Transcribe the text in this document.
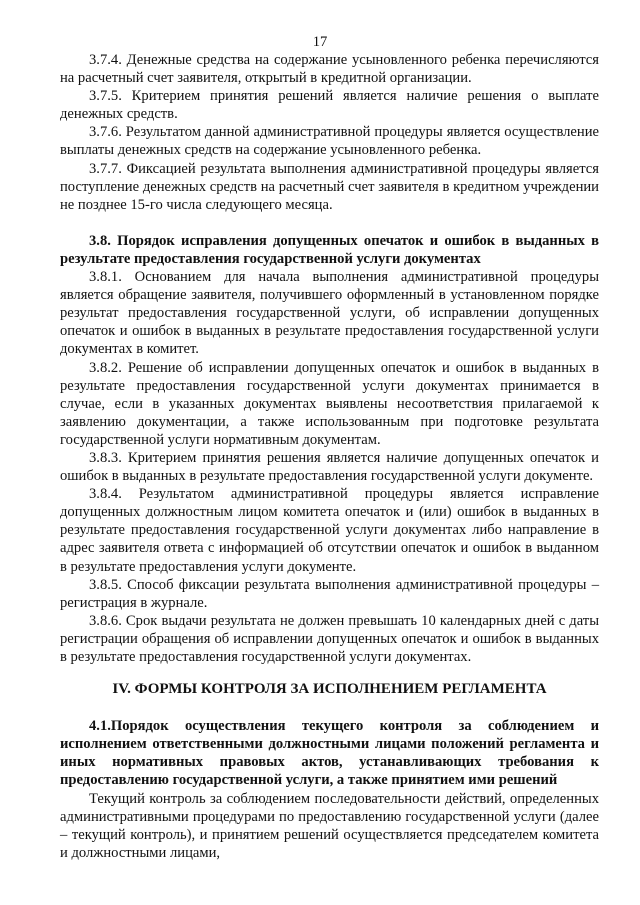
17

3.7.4. Денежные средства на содержание усыновленного ребенка перечисляются на расчетный счет заявителя, открытый в кредитной организации.

3.7.5. Критерием принятия решений является наличие решения о выплате денежных средств.

3.7.6. Результатом данной административной процедуры является осуществление выплаты денежных средств на содержание усыновленного ребенка.

3.7.7. Фиксацией результата выполнения административной процедуры является поступление денежных средств на расчетный счет заявителя в кредитном учреждении не позднее 15-го числа следующего месяца.

3.8. Порядок исправления допущенных опечаток и ошибок в выданных в результате предоставления государственной услуги документах

3.8.1. Основанием для начала выполнения административной процедуры является обращение заявителя, получившего оформленный в установленном порядке результат предоставления государственной услуги, об исправлении допущенных опечаток и ошибок в выданных в результате предоставления государственной услуги документах в комитет.

3.8.2. Решение об исправлении допущенных опечаток и ошибок в выданных в результате предоставления государственной услуги документах принимается в случае, если в указанных документах выявлены несоответствия прилагаемой к заявлению документации, а также использованным при подготовке результата государственной услуги нормативным документам.

3.8.3. Критерием принятия решения является наличие допущенных опечаток и ошибок в выданных в результате предоставления государственной услуги документе.

3.8.4. Результатом административной процедуры является исправление допущенных должностным лицом комитета опечаток и (или) ошибок в выданных в результате предоставления государственной услуги документах либо направление в адрес заявителя ответа с информацией об отсутствии опечаток и ошибок в выданном в результате предоставления услуги документе.

3.8.5. Способ фиксации результата выполнения административной процедуры – регистрация в журнале.

3.8.6. Срок выдачи результата не должен превышать 10 календарных дней с даты регистрации обращения об исправлении допущенных опечаток и ошибок в выданных в результате предоставления государственной услуги документах.

IV. ФОРМЫ КОНТРОЛЯ ЗА ИСПОЛНЕНИЕМ РЕГЛАМЕНТА

4.1.Порядок осуществления текущего контроля за соблюдением и исполнением ответственными должностными лицами положений регламента и иных нормативных правовых актов, устанавливающих требования к предоставлению государственной услуги, а также принятием ими решений

Текущий контроль за соблюдением последовательности действий, определенных административными процедурами по предоставлению государственной услуги (далее – текущий контроль), и принятием решений осуществляется председателем комитета и должностными лицами,
